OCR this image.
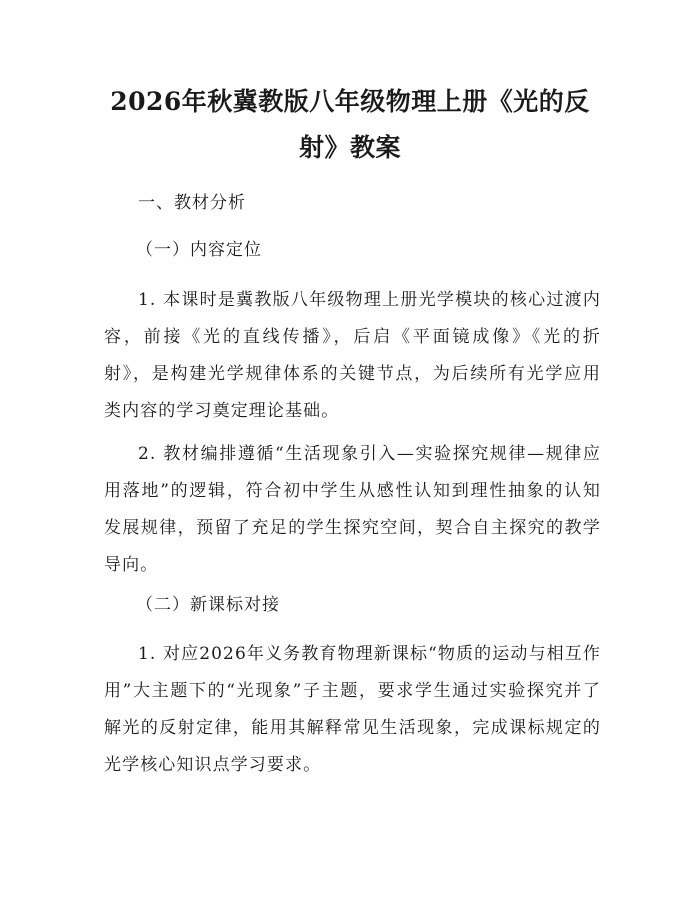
2026年秋冀教版八年级物理上册《光的反
射》教案
一、教材分析
（一）内容定位

1. 本课时是冀教版八年级物理上册光学模块的核心过渡内容，前接《光的直线传播》，后启《平面镜成像》《光的折射》，是构建光学规律体系的关键节点，为后续所有光学应用类内容的学习奠定理论基础。

2. 教材编排遵循“生活现象引入—实验探究规律—规律应用落地”的逻辑，符合初中学生从感性认知到理性抽象的认知发展规律，预留了充足的学生探究空间，契合自主探究的教学导向。

（二）新课标对接

1. 对应2026年义务教育物理新课标“物质的运动与相互作用”大主题下的“光现象”子主题，要求学生通过实验探究并了解光的反射定律，能用其解释常见生活现象，完成课标规定的光学核心知识点学习要求。
